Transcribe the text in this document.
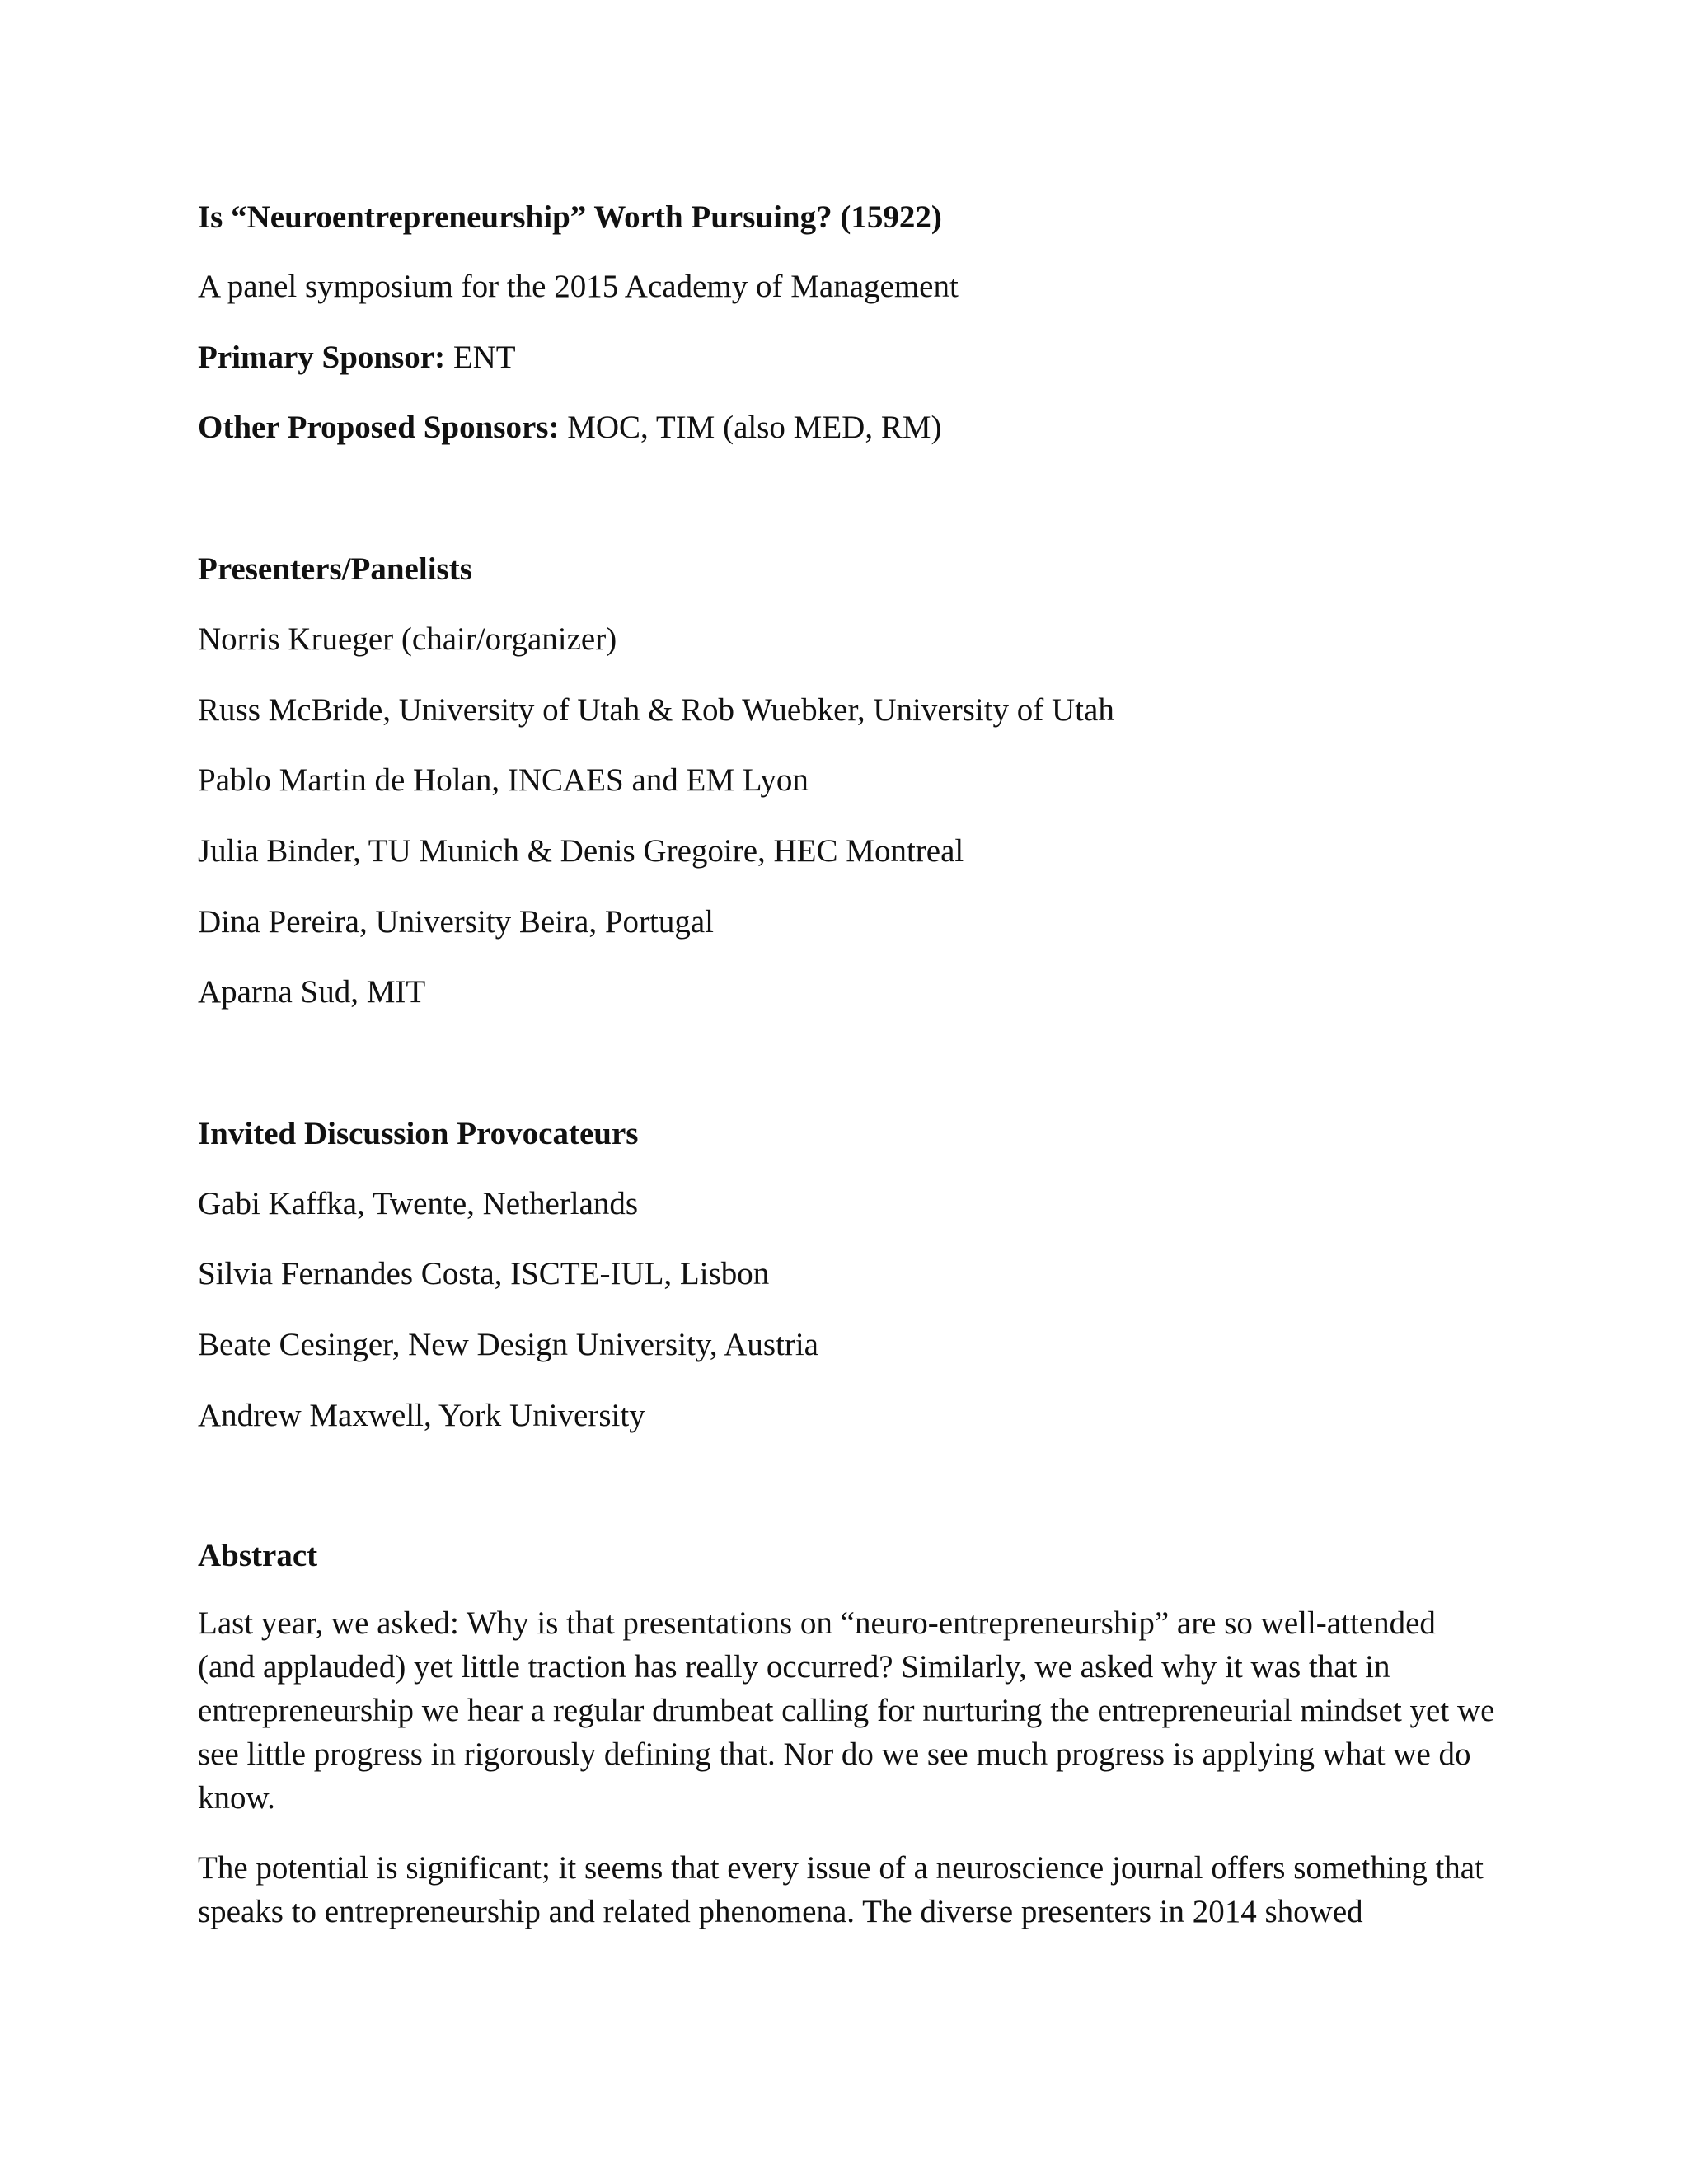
Is “Neuroentrepreneurship” Worth Pursuing? (15922)

A panel symposium for the 2015 Academy of Management

Primary Sponsor: ENT

Other Proposed Sponsors: MOC, TIM (also MED, RM)

Presenters/Panelists

Norris Krueger (chair/organizer)

Russ McBride, University of Utah & Rob Wuebker, University of Utah

Pablo Martin de Holan, INCAES and EM Lyon

Julia Binder, TU Munich & Denis Gregoire, HEC Montreal

Dina Pereira, University Beira, Portugal

Aparna Sud, MIT

Invited Discussion Provocateurs

Gabi Kaffka, Twente, Netherlands

Silvia Fernandes Costa, ISCTE-IUL, Lisbon

Beate Cesinger, New Design University, Austria

Andrew Maxwell, York University

Abstract

Last year, we asked: Why is that presentations on “neuro-entrepreneurship” are so well-attended (and applauded) yet little traction has really occurred? Similarly, we asked why it was that in entrepreneurship we hear a regular drumbeat calling for nurturing the entrepreneurial mindset yet we see little progress in rigorously defining that. Nor do we see much progress is applying what we do know.

The potential is significant; it seems that every issue of a neuroscience journal offers something that speaks to entrepreneurship and related phenomena. The diverse presenters in 2014 showed
